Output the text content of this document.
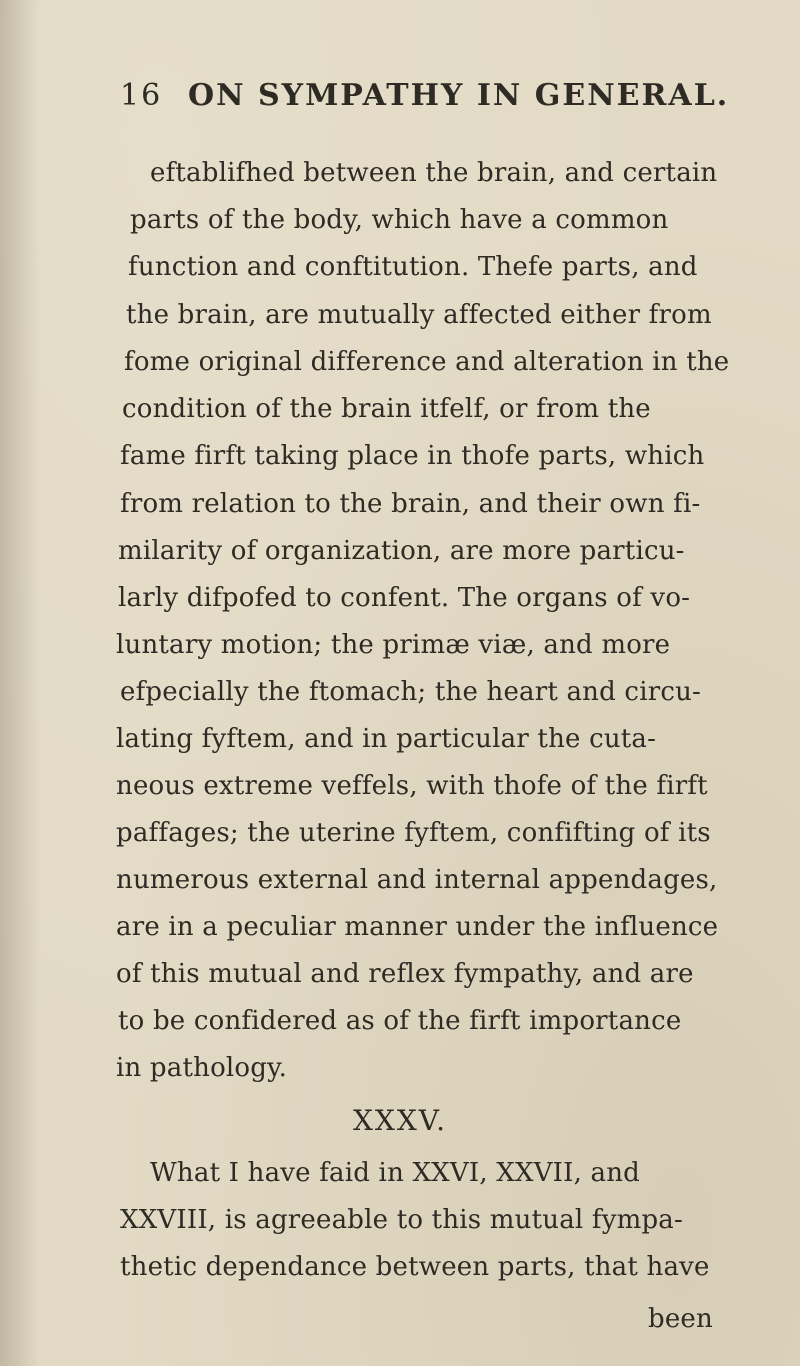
16 ON SYMPATHY IN GENERAL.
eftablifhed between the brain, and certain
parts of the body, which have a common
function and conftitution. Thefe parts, and
the brain, are mutually affected either from
fome original difference and alteration in the
condition of the brain itfelf, or from the
fame firft taking place in thofe parts, which
from relation to the brain, and their own fi-
milarity of organization, are more particu-
larly difpofed to confent. The organs of vo-
luntary motion; the primæ viæ, and more
efpecially the ftomach; the heart and circu-
lating fyftem, and in particular the cuta-
neous extreme veffels, with thofe of the firft
paffages; the uterine fyftem, confifting of its
numerous external and internal appendages,
are in a peculiar manner under the influence
of this mutual and reflex fympathy, and are
to be confidered as of the firft importance
in pathology.
XXXV.
What I have faid in XXVI, XXVII, and
XXVIII, is agreeable to this mutual fympa-
thetic dependance between parts, that have
been
